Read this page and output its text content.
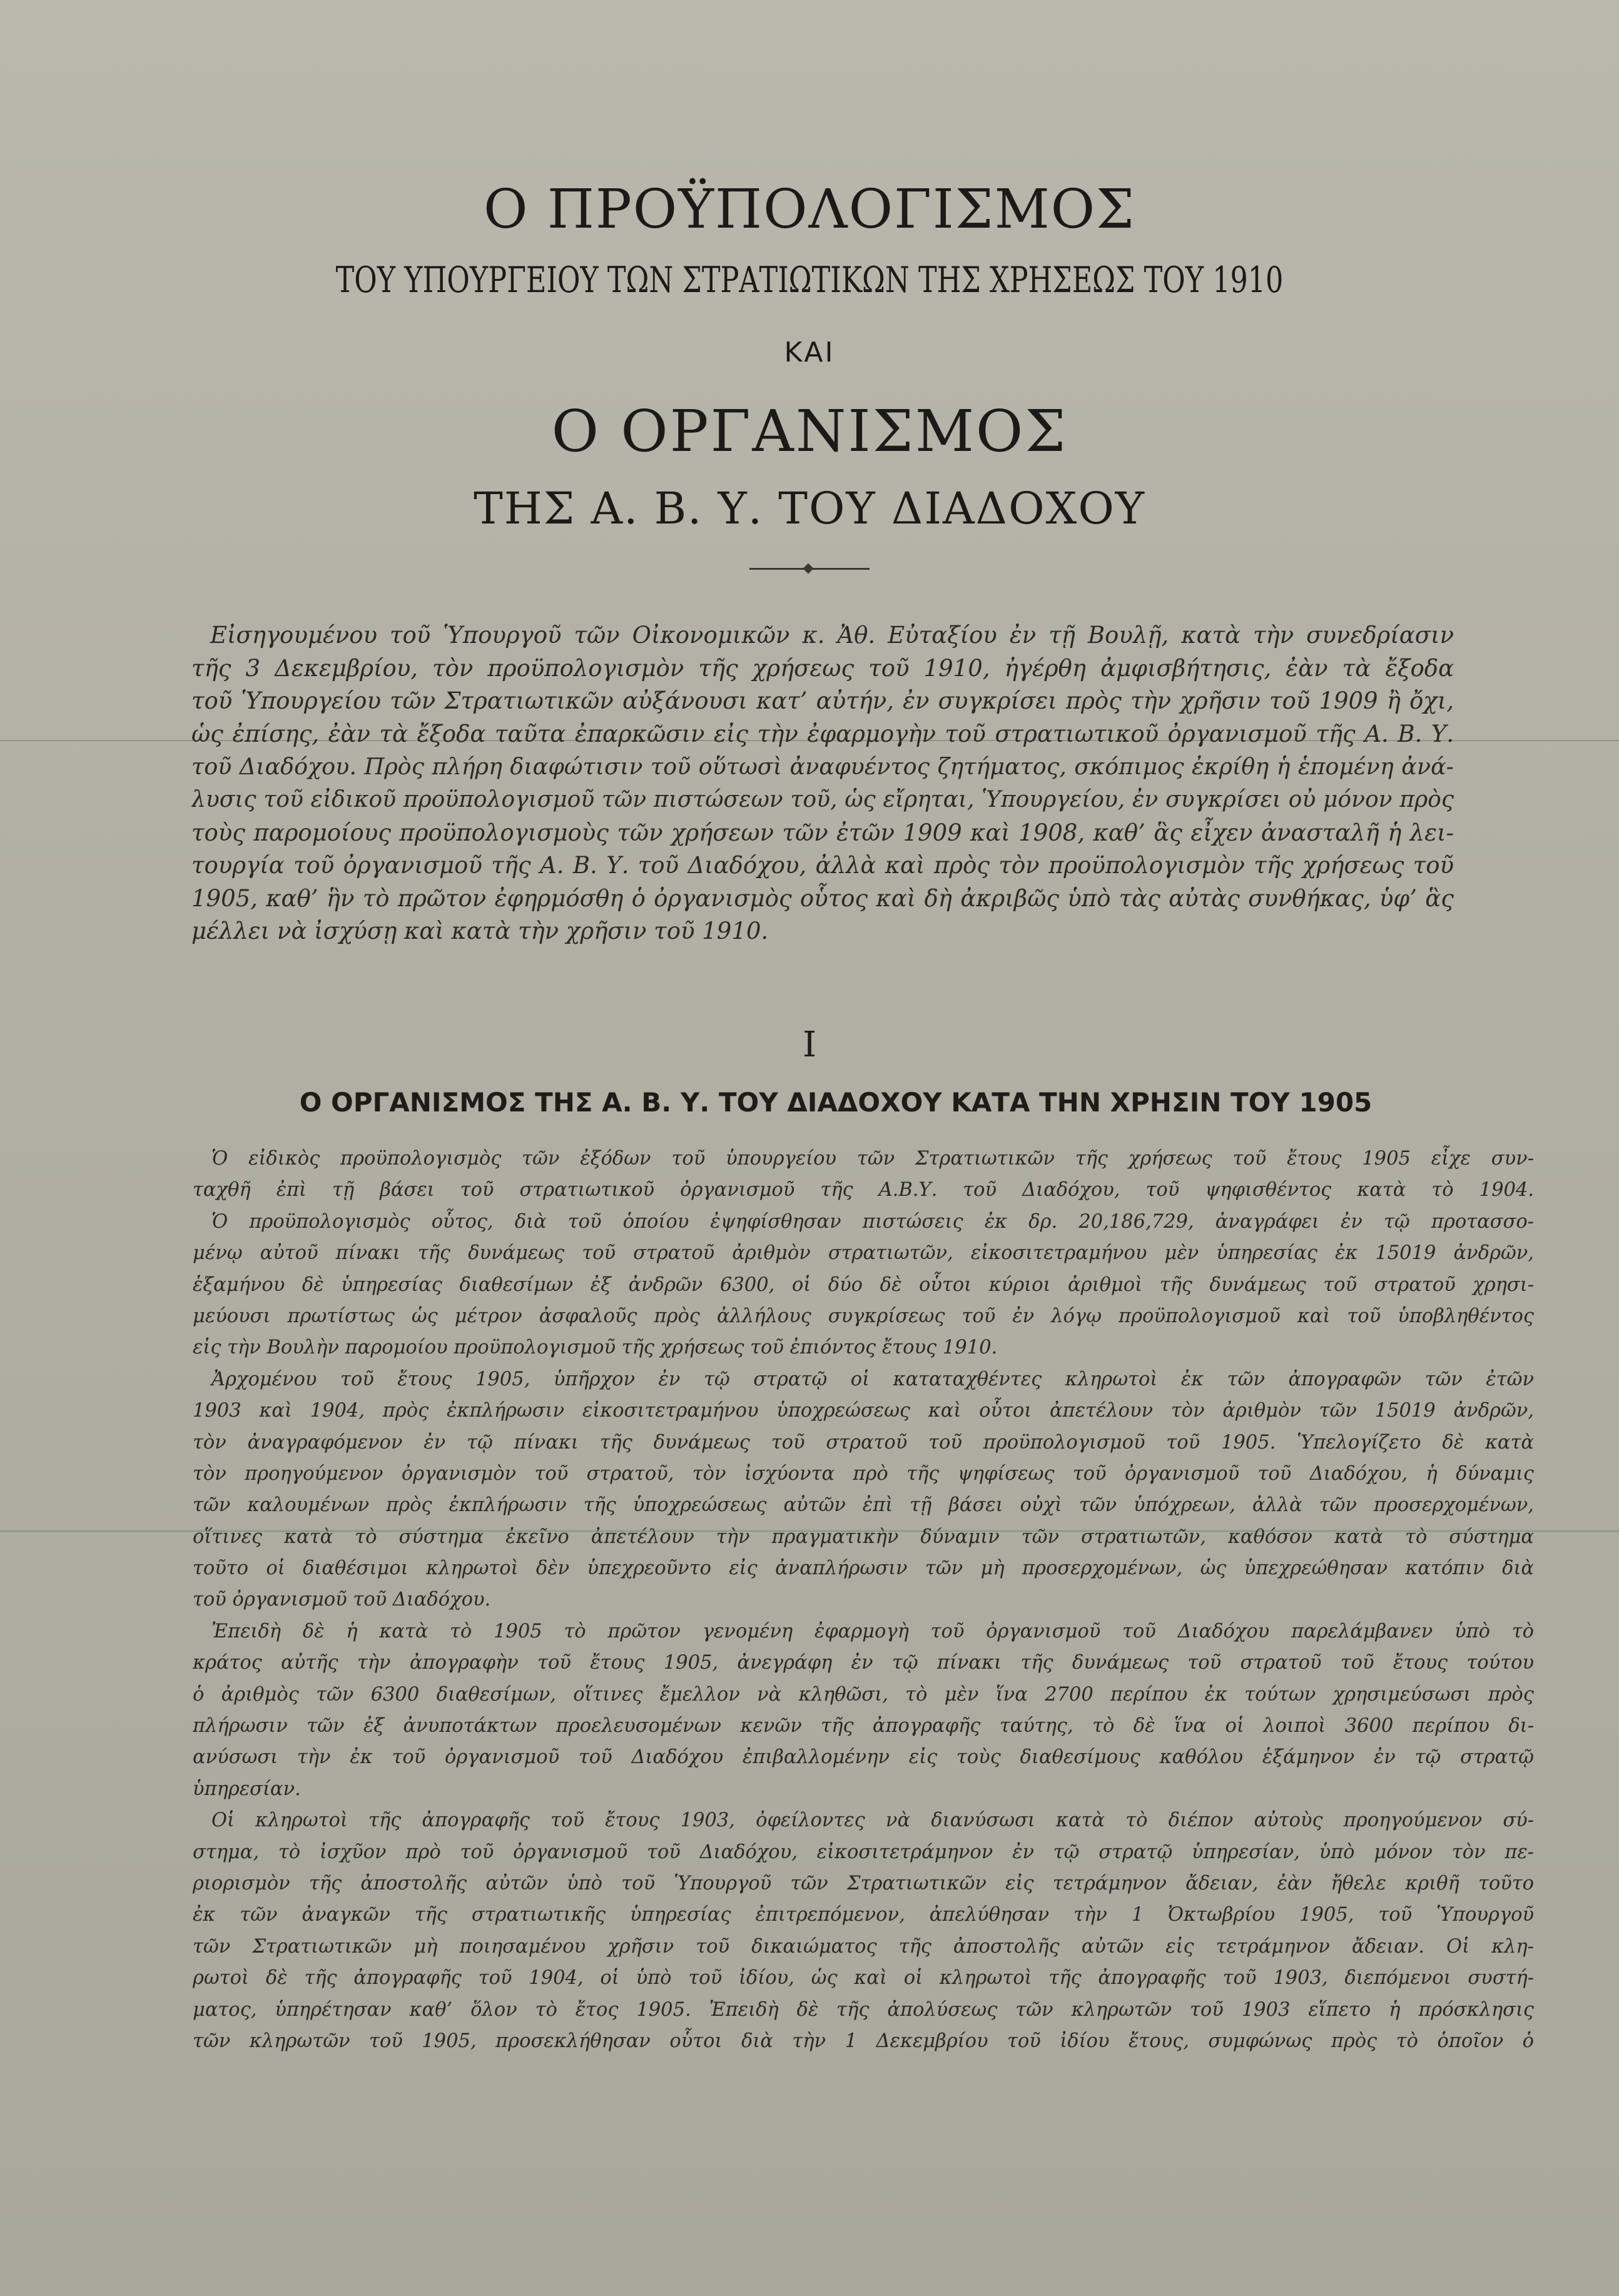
Ο ΠΡΟΫΠΟΛΟΓΙΣΜΟΣ
ΤΟΥ ΥΠΟΥΡΓΕΙΟΥ ΤΩΝ ΣΤΡΑΤΙΩΤΙΚΩΝ ΤΗΣ ΧΡΗΣΕΩΣ ΤΟΥ 1910
ΚΑΙ
Ο ΟΡΓΑΝΙΣΜΟΣ
ΤΗΣ Α. Β. Υ. ΤΟΥ ΔΙΑΔΟΧΟΥ
Εἰσηγουμένου τοῦ Ὑπουργοῦ τῶν Οἰκονομικῶν κ. Ἀθ. Εὐταξίου ἐν τῇ Βουλῇ, κατὰ τὴν συνεδρίασιν
τῆς 3 Δεκεμβρίου, τὸν προϋπολογισμὸν τῆς χρήσεως τοῦ 1910, ἠγέρθη ἀμφισβήτησις, ἐὰν τὰ ἔξοδα
τοῦ Ὑπουργείου τῶν Στρατιωτικῶν αὐξάνουσι κατ’ αὐτήν, ἐν συγκρίσει πρὸς τὴν χρῆσιν τοῦ 1909 ἢ ὄχι,
ὡς ἐπίσης, ἐὰν τὰ ἔξοδα ταῦτα ἐπαρκῶσιν εἰς τὴν ἐφαρμογὴν τοῦ στρατιωτικοῦ ὀργανισμοῦ τῆς Α. Β. Υ.
τοῦ Διαδόχου. Πρὸς πλήρη διαφώτισιν τοῦ οὕτωσὶ ἀναφυέντος ζητήματος, σκόπιμος ἐκρίθη ἡ ἑπομένη ἀνά-
λυσις τοῦ εἰδικοῦ προϋπολογισμοῦ τῶν πιστώσεων τοῦ, ὡς εἴρηται, Ὑπουργείου, ἐν συγκρίσει οὐ μόνον πρὸς
τοὺς παρομοίους προϋπολογισμοὺς τῶν χρήσεων τῶν ἐτῶν 1909 καὶ 1908, καθ’ ἃς εἶχεν ἀνασταλῆ ἡ λει-
τουργία τοῦ ὀργανισμοῦ τῆς Α. Β. Υ. τοῦ Διαδόχου, ἀλλὰ καὶ πρὸς τὸν προϋπολογισμὸν τῆς χρήσεως τοῦ
1905, καθ’ ἣν τὸ πρῶτον ἐφηρμόσθη ὁ ὀργανισμὸς οὗτος καὶ δὴ ἀκριβῶς ὑπὸ τὰς αὐτὰς συνθήκας, ὑφ’ ἃς
μέλλει νὰ ἰσχύσῃ καὶ κατὰ τὴν χρῆσιν τοῦ 1910.
I
Ο ΟΡΓΑΝΙΣΜΟΣ ΤΗΣ Α. Β. Υ. ΤΟΥ ΔΙΑΔΟΧΟΥ ΚΑΤΑ ΤΗΝ ΧΡΗΣΙΝ ΤΟΥ 1905
Ὁ εἰδικὸς προϋπολογισμὸς τῶν ἐξόδων τοῦ ὑπουργείου τῶν Στρατιωτικῶν τῆς χρήσεως τοῦ ἔτους 1905 εἶχε συν-
ταχθῆ ἐπὶ τῇ βάσει τοῦ στρατιωτικοῦ ὀργανισμοῦ τῆς Α.Β.Υ. τοῦ Διαδόχου, τοῦ ψηφισθέντος κατὰ τὸ 1904.
Ὁ προϋπολογισμὸς οὗτος, διὰ τοῦ ὁποίου ἐψηφίσθησαν πιστώσεις ἐκ δρ. 20,186,729, ἀναγράφει ἐν τῷ προτασσο-
μένῳ αὐτοῦ πίνακι τῆς δυνάμεως τοῦ στρατοῦ ἀριθμὸν στρατιωτῶν, εἰκοσιτετραμήνου μὲν ὑπηρεσίας ἐκ 15019 ἀνδρῶν,
ἑξαμήνου δὲ ὑπηρεσίας διαθεσίμων ἐξ ἀνδρῶν 6300, οἱ δύο δὲ οὗτοι κύριοι ἀριθμοὶ τῆς δυνάμεως τοῦ στρατοῦ χρησι-
μεύουσι πρωτίστως ὡς μέτρον ἀσφαλοῦς πρὸς ἀλλήλους συγκρίσεως τοῦ ἐν λόγῳ προϋπολογισμοῦ καὶ τοῦ ὑποβληθέντος
εἰς τὴν Βουλὴν παρομοίου προϋπολογισμοῦ τῆς χρήσεως τοῦ ἐπιόντος ἔτους 1910.
Ἀρχομένου τοῦ ἔτους 1905, ὑπῆρχον ἐν τῷ στρατῷ οἱ καταταχθέντες κληρωτοὶ ἐκ τῶν ἀπογραφῶν τῶν ἐτῶν
1903 καὶ 1904, πρὸς ἐκπλήρωσιν εἰκοσιτετραμήνου ὑποχρεώσεως καὶ οὗτοι ἀπετέλουν τὸν ἀριθμὸν τῶν 15019 ἀνδρῶν,
τὸν ἀναγραφόμενον ἐν τῷ πίνακι τῆς δυνάμεως τοῦ στρατοῦ τοῦ προϋπολογισμοῦ τοῦ 1905. Ὑπελογίζετο δὲ κατὰ
τὸν προηγούμενον ὀργανισμὸν τοῦ στρατοῦ, τὸν ἰσχύοντα πρὸ τῆς ψηφίσεως τοῦ ὀργανισμοῦ τοῦ Διαδόχου, ἡ δύναμις
τῶν καλουμένων πρὸς ἐκπλήρωσιν τῆς ὑποχρεώσεως αὐτῶν ἐπὶ τῇ βάσει οὐχὶ τῶν ὑπόχρεων, ἀλλὰ τῶν προσερχομένων,
οἵτινες κατὰ τὸ σύστημα ἐκεῖνο ἀπετέλουν τὴν πραγματικὴν δύναμιν τῶν στρατιωτῶν, καθόσον κατὰ τὸ σύστημα
τοῦτο οἱ διαθέσιμοι κληρωτοὶ δὲν ὑπεχρεοῦντο εἰς ἀναπλήρωσιν τῶν μὴ προσερχομένων, ὡς ὑπεχρεώθησαν κατόπιν διὰ
τοῦ ὀργανισμοῦ τοῦ Διαδόχου.
Ἐπειδὴ δὲ ἡ κατὰ τὸ 1905 τὸ πρῶτον γενομένη ἐφαρμογὴ τοῦ ὀργανισμοῦ τοῦ Διαδόχου παρελάμβανεν ὑπὸ τὸ
κράτος αὐτῆς τὴν ἀπογραφὴν τοῦ ἔτους 1905, ἀνεγράφη ἐν τῷ πίνακι τῆς δυνάμεως τοῦ στρατοῦ τοῦ ἔτους τούτου
ὁ ἀριθμὸς τῶν 6300 διαθεσίμων, οἵτινες ἔμελλον νὰ κληθῶσι, τὸ μὲν ἵνα 2700 περίπου ἐκ τούτων χρησιμεύσωσι πρὸς
πλήρωσιν τῶν ἐξ ἀνυποτάκτων προελευσομένων κενῶν τῆς ἀπογραφῆς ταύτης, τὸ δὲ ἵνα οἱ λοιποὶ 3600 περίπου δι-
ανύσωσι τὴν ἐκ τοῦ ὀργανισμοῦ τοῦ Διαδόχου ἐπιβαλλομένην εἰς τοὺς διαθεσίμους καθόλου ἑξάμηνον ἐν τῷ στρατῷ
ὑπηρεσίαν.
Οἱ κληρωτοὶ τῆς ἀπογραφῆς τοῦ ἔτους 1903, ὀφείλοντες νὰ διανύσωσι κατὰ τὸ διέπον αὐτοὺς προηγούμενον σύ-
στημα, τὸ ἰσχῦον πρὸ τοῦ ὀργανισμοῦ τοῦ Διαδόχου, εἰκοσιτετράμηνον ἐν τῷ στρατῷ ὑπηρεσίαν, ὑπὸ μόνον τὸν πε-
ριορισμὸν τῆς ἀποστολῆς αὐτῶν ὑπὸ τοῦ Ὑπουργοῦ τῶν Στρατιωτικῶν εἰς τετράμηνον ἄδειαν, ἐὰν ἤθελε κριθῆ τοῦτο
ἐκ τῶν ἀναγκῶν τῆς στρατιωτικῆς ὑπηρεσίας ἐπιτρεπόμενον, ἀπελύθησαν τὴν 1 Ὀκτωβρίου 1905, τοῦ Ὑπουργοῦ
τῶν Στρατιωτικῶν μὴ ποιησαμένου χρῆσιν τοῦ δικαιώματος τῆς ἀποστολῆς αὐτῶν εἰς τετράμηνον ἄδειαν. Οἱ κλη-
ρωτοὶ δὲ τῆς ἀπογραφῆς τοῦ 1904, οἱ ὑπὸ τοῦ ἰδίου, ὡς καὶ οἱ κληρωτοὶ τῆς ἀπογραφῆς τοῦ 1903, διεπόμενοι συστή-
ματος, ὑπηρέτησαν καθ’ ὅλον τὸ ἔτος 1905. Ἐπειδὴ δὲ τῆς ἀπολύσεως τῶν κληρωτῶν τοῦ 1903 εἵπετο ἡ πρόσκλησις
τῶν κληρωτῶν τοῦ 1905, προσεκλήθησαν οὗτοι διὰ τὴν 1 Δεκεμβρίου τοῦ ἰδίου ἔτους, συμφώνως πρὸς τὸ ὁποῖον ὁ
